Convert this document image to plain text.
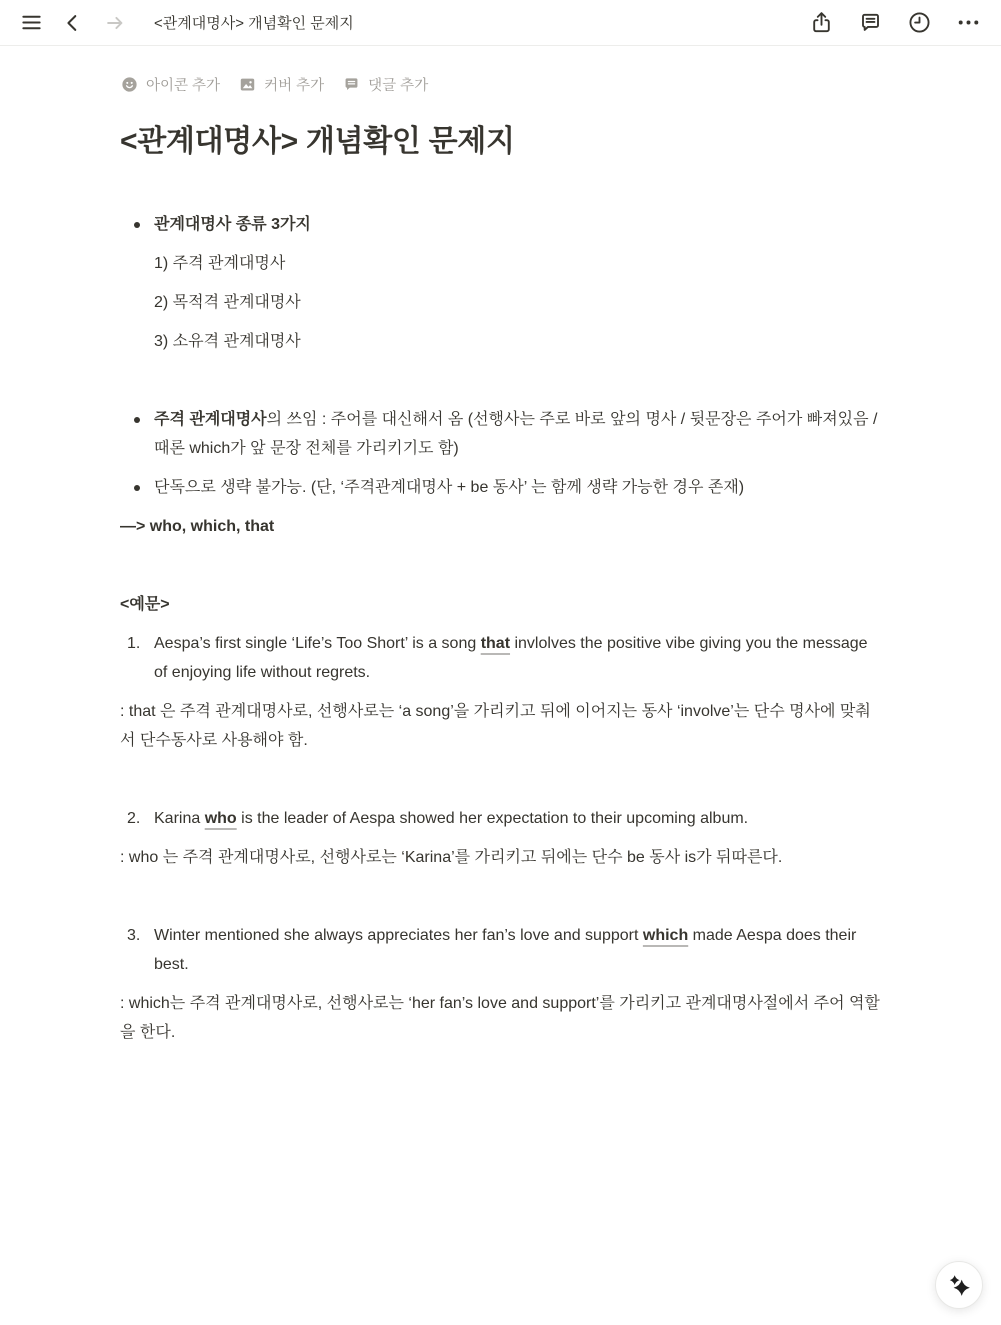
<관계대명사> 개념확인 문제지
아이콘 추가	커버 추가	댓글 추가
<관계대명사> 개념확인 문제지
관계대명사 종류 3가지
1) 주격 관계대명사
2) 목적격 관계대명사
3) 소유격 관계대명사
주격 관계대명사의 쓰임 : 주어를 대신해서 옴 (선행사는 주로 바로 앞의 명사 / 뒷문장은 주어가 빠져있음 / 때론 which가 앞 문장 전체를 가리키기도 함)
단독으로 생략 불가능. (단, ‘주격관계대명사 + be 동사’ 는 함께 생략 가능한 경우 존재)
—> who, which, that
<예문>
1. Aespa’s first single ‘Life’s Too Short’ is a song that invlolves the positive vibe giving you the message of enjoying life without regrets.
: that 은 주격 관계대명사로, 선행사로는 ‘a song’을 가리키고 뒤에 이어지는 동사 ‘involve’는 단수 명사에 맞춰서 단수동사로 사용해야 함.
2. Karina who is the leader of Aespa showed her expectation to their upcoming album.
: who 는 주격 관계대명사로, 선행사로는 ‘Karina’를 가리키고 뒤에는 단수 be 동사 is가 뒤따른다.
3. Winter mentioned she always appreciates her fan’s love and support which made Aespa does their best.
: which는 주격 관계대명사로, 선행사로는 ‘her fan’s love and support’를 가리키고 관계대명사절에서 주어 역할을 한다.
